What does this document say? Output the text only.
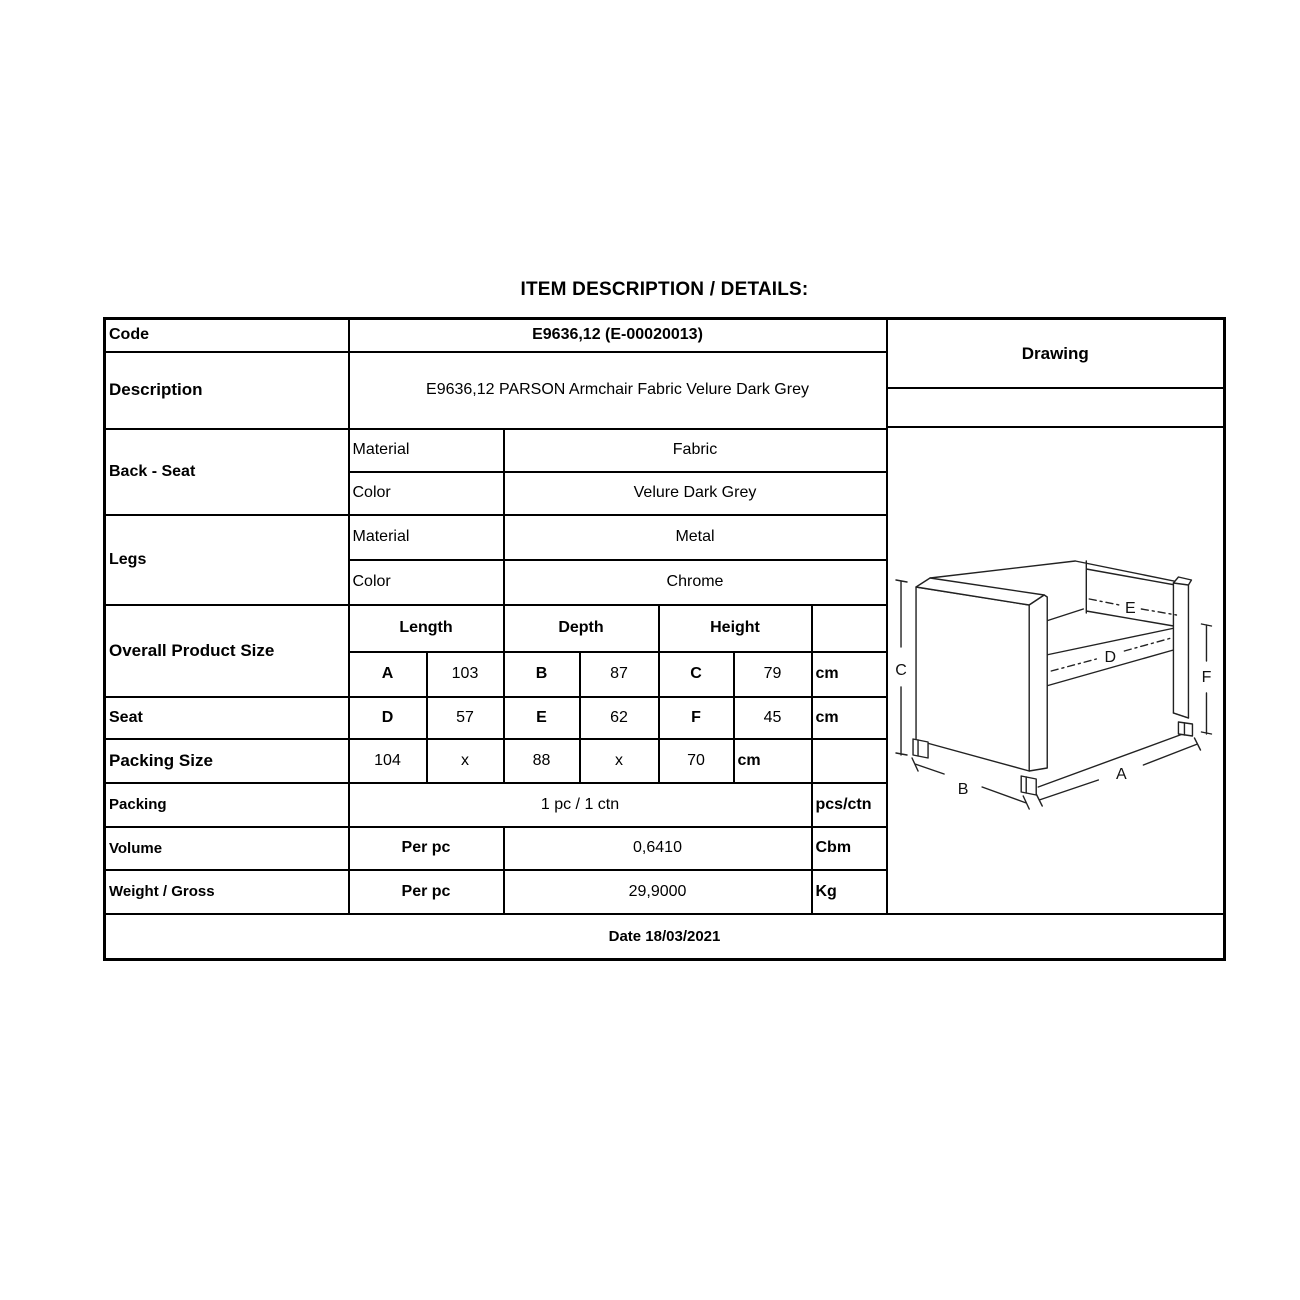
ITEM DESCRIPTION / DETAILS:
Code	E9636,12 (E-00020013)	
Drawing
C
B
A
F
E
D

Description	E9636,12 PARSON Armchair Fabric Velure Dark Grey							
Back - Seat	Material		Fabric					
	Color		Velure Dark Grey					
Legs	Material		Metal					
	Color		Chrome					
Overall Product Size	Length		Depth		Height			
	A	103	B	87	C	79	cm	
Seat	D	57	E	62	F	45	cm	
Packing Size	104	x	88	x	70	cm		
Packing	1 pc / 1 ctn						pcs/ctn	
Volume	Per pc		0,6410				Cbm	
Weight / Gross	Per pc		29,9000				Kg	
Date 18/03/2021								
